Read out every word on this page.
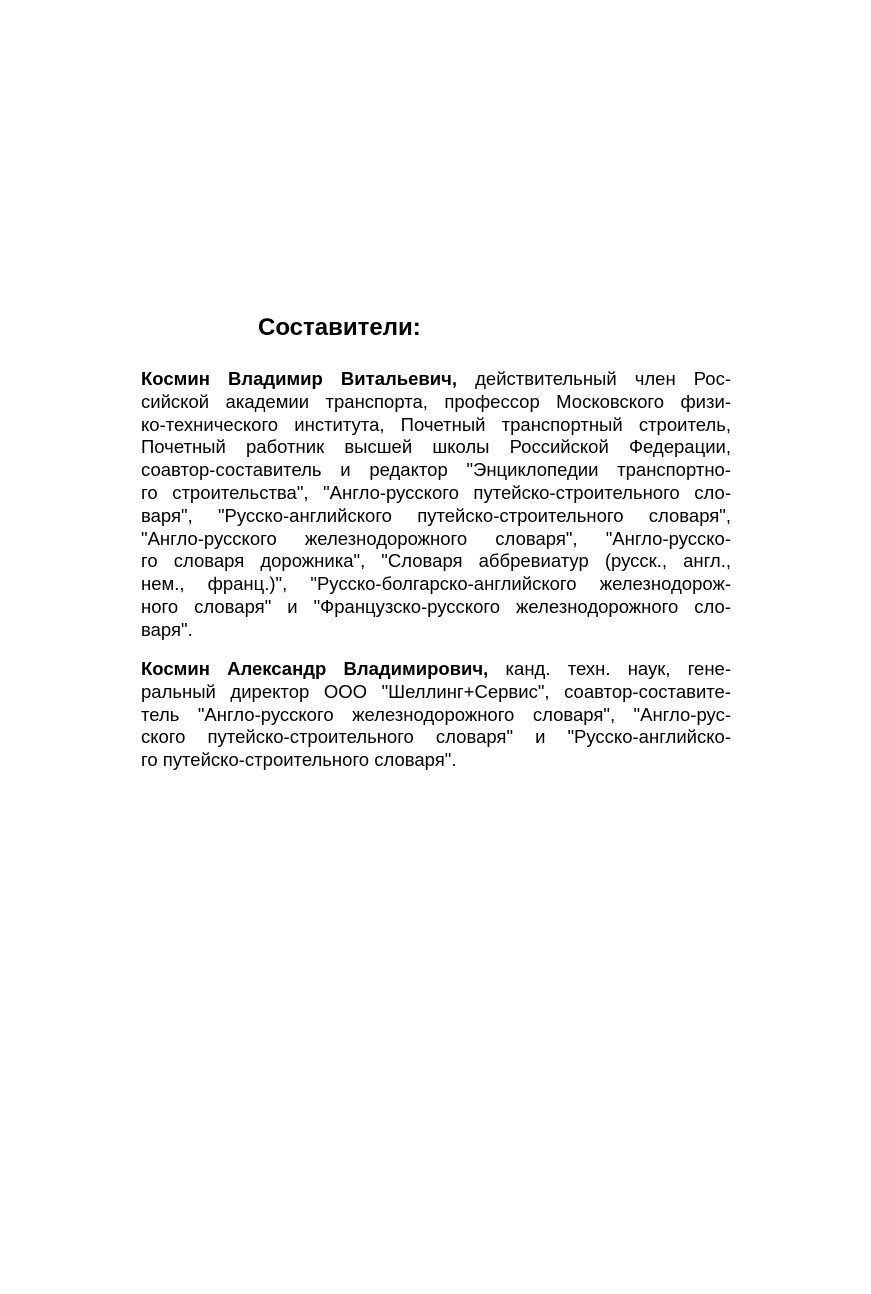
Составители:
Космин Владимир Витальевич, действительный член Рос-
сийской академии транспорта, профессор Московского физи-
ко-технического института, Почетный транспортный строитель,
Почетный работник высшей школы Российской Федерации,
соавтор-составитель и редактор "Энциклопедии транспортно-
го строительства", "Англо-русского путейско-строительного сло-
варя", "Русско-английского путейско-строительного словаря",
"Англо-русского железнодорожного словаря", "Англо-русско-
го словаря дорожника", "Словаря аббревиатур (русск., англ.,
нем., франц.)", "Русско-болгарско-английского железнодорож-
ного словаря" и "Французско-русского железнодорожного сло-
варя".
Космин Александр Владимирович, канд. техн. наук, гене-
ральный директор ООО "Шеллинг+Сервис", соавтор-составите-
тель "Англо-русского железнодорожного словаря", "Англо-рус-
ского путейско-строительного словаря" и "Русско-английско-
го путейско-строительного словаря".
